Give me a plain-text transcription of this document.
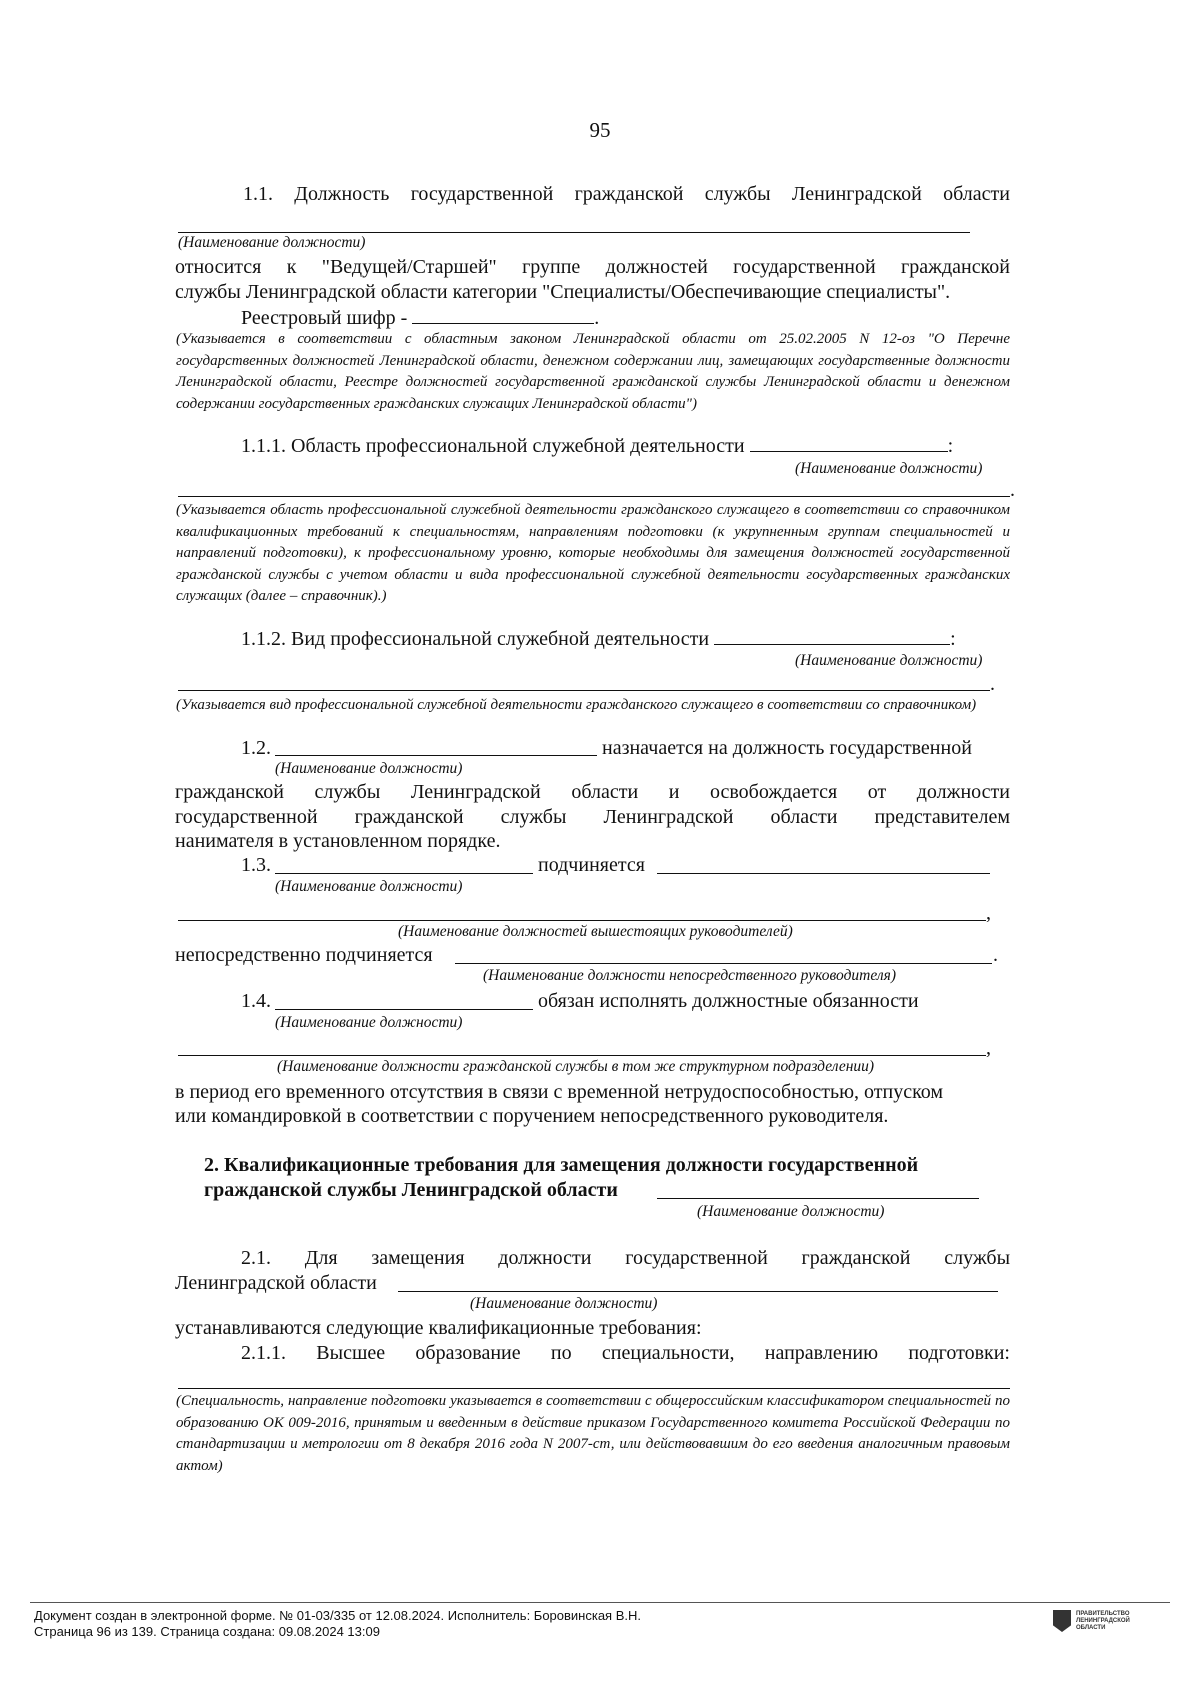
95
1.1. Должность государственной гражданской службы Ленинградской области
(Наименование должности)
относится к "Ведущей/Старшей" группе должностей государственной гражданской
службы Ленинградской области категории "Специалисты/Обеспечивающие специалисты".
Реестровый шифр -	.
(Указывается в соответствии с областным законом Ленинградской области от 25.02.2005 N 12-оз "О Перечне государственных должностей Ленинградской области, денежном содержании лиц, замещающих государственные должности Ленинградской области, Реестре должностей государственной гражданской службы Ленинградской области и денежном содержании государственных гражданских служащих Ленинградской области")
1.1.1. Область профессиональной служебной деятельности	:
(Наименование должности)
.
(Указывается область профессиональной служебной деятельности гражданского служащего в соответствии со справочником квалификационных требований к специальностям, направлениям подготовки (к укрупненным группам специальностей и направлений подготовки), к профессиональному уровню, которые необходимы для замещения должностей государственной гражданской службы с учетом области и вида профессиональной служебной деятельности государственных гражданских служащих (далее – справочник).)
1.1.2. Вид профессиональной служебной деятельности	:
(Наименование должности)
.
(Указывается вид профессиональной служебной деятельности гражданского служащего в соответствии со справочником)
1.2.	назначается на должность государственной
(Наименование должности)
гражданской службы Ленинградской области и освобождается от должности
государственной гражданской службы Ленинградской области представителем
нанимателя в установленном порядке.
1.3.	подчиняется
(Наименование должности)
,
(Наименование должностей вышестоящих руководителей)
непосредственно подчиняется	.
(Наименование должности непосредственного руководителя)
1.4.	обязан исполнять должностные обязанности
(Наименование должности)
,
(Наименование должности гражданской службы в том же структурном подразделении)
в период его временного отсутствия в связи с временной нетрудоспособностью, отпуском
или командировкой в соответствии с поручением непосредственного руководителя.
2. Квалификационные требования для замещения должности государственной
гражданской службы Ленинградской области
(Наименование должности)
2.1. Для замещения должности государственной гражданской службы
Ленинградской области
(Наименование должности)
устанавливаются следующие квалификационные требования:
2.1.1. Высшее образование по специальности, направлению подготовки:
(Специальность, направление подготовки указывается в соответствии с общероссийским классификатором специальностей по образованию ОК 009-2016, принятым и введенным в действие приказом Государственного комитета Российской Федерации по стандартизации и метрологии от 8 декабря 2016 года N 2007-ст, или действовавшим до его введения аналогичным правовым актом)
Документ создан в электронной форме. № 01-03/335 от 12.08.2024. Исполнитель: Боровинская В.Н.
Страница 96 из 139. Страница создана: 09.08.2024 13:09
ПРАВИТЕЛЬСТВО
ЛЕНИНГРАДСКОЙ
ОБЛАСТИ
